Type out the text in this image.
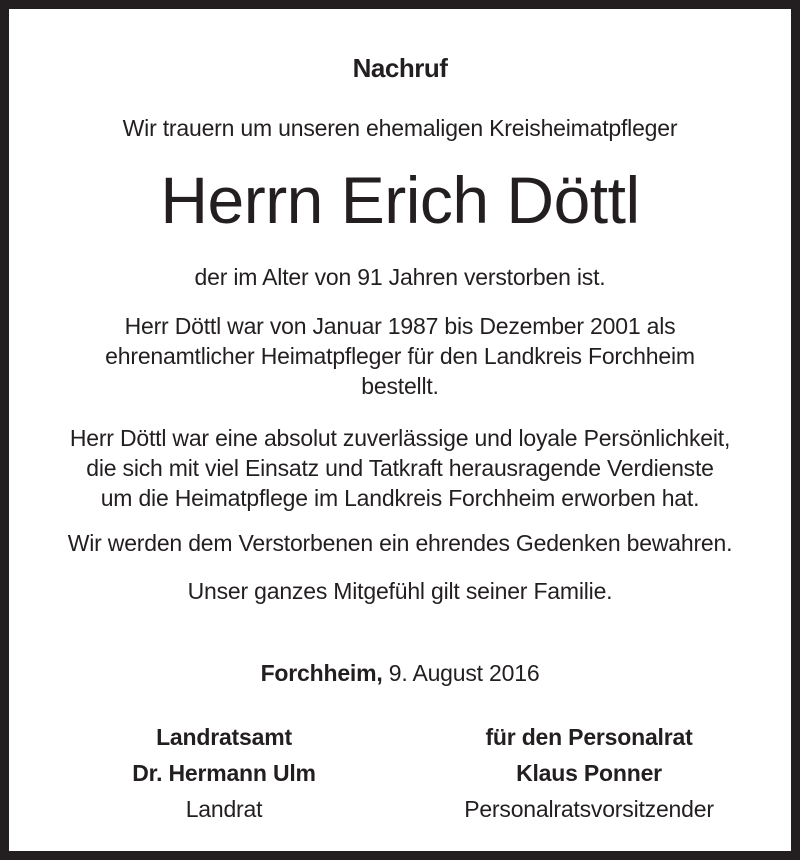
Nachruf
Wir trauern um unseren ehemaligen Kreisheimatpfleger
Herrn Erich Döttl
der im Alter von 91 Jahren verstorben ist.
Herr Döttl war von Januar 1987 bis Dezember 2001 als
ehrenamtlicher Heimatpfleger für den Landkreis Forchheim
bestellt.
Herr Döttl war eine absolut zuverlässige und loyale Persönlichkeit,
die sich mit viel Einsatz und Tatkraft herausragende Verdienste
um die Heimatpflege im Landkreis Forchheim erworben hat.
Wir werden dem Verstorbenen ein ehrendes Gedenken bewahren.
Unser ganzes Mitgefühl gilt seiner Familie.
Forchheim, 9. August 2016
Landratsamt
Dr. Hermann Ulm
Landrat
für den Personalrat
Klaus Ponner
Personalratsvorsitzender
